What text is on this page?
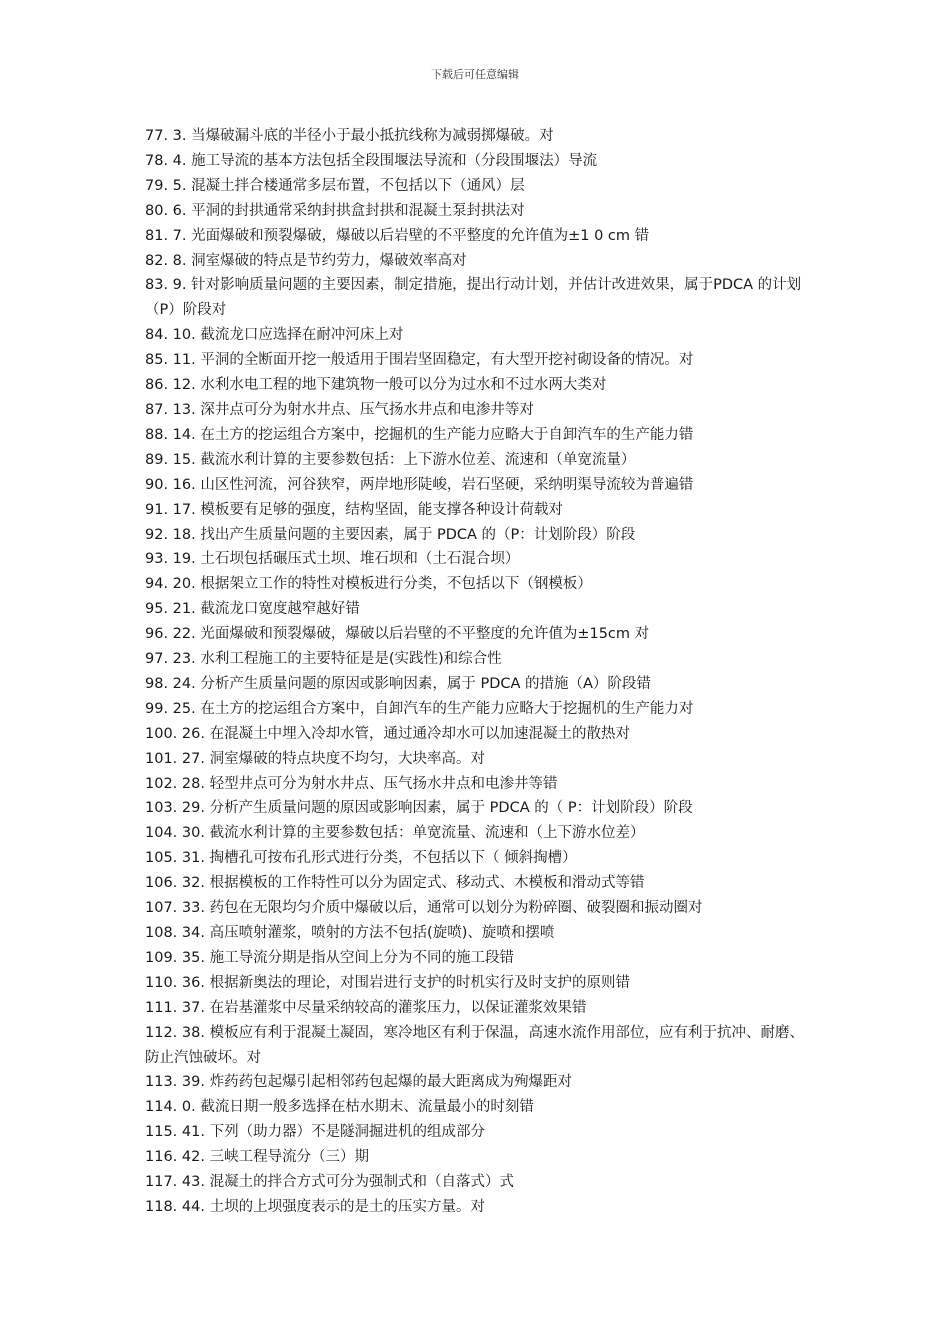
下载后可任意编辑
77. 3. 当爆破漏斗底的半径小于最小抵抗线称为减弱掷爆破。对
78. 4. 施工导流的基本方法包括全段围堰法导流和（分段围堰法）导流
79. 5. 混凝土拌合楼通常多层布置，不包括以下（通风）层
80. 6. 平洞的封拱通常采纳封拱盒封拱和混凝土泵封拱法对
81. 7. 光面爆破和预裂爆破，爆破以后岩壁的不平整度的允许值为±1 0 cm 错
82. 8. 洞室爆破的特点是节约劳力，爆破效率高对
83. 9. 针对影响质量问题的主要因素，制定措施，提出行动计划，并估计改进效果，属于PDCA 的计划（P）阶段对
84. 10. 截流龙口应选择在耐冲河床上对
85. 11. 平洞的全断面开挖一般适用于围岩坚固稳定，有大型开挖衬砌设备的情况。对
86. 12. 水利水电工程的地下建筑物一般可以分为过水和不过水两大类对
87. 13. 深井点可分为射水井点、压气扬水井点和电渗井等对
88. 14. 在土方的挖运组合方案中，挖掘机的生产能力应略大于自卸汽车的生产能力错
89. 15. 截流水利计算的主要参数包括：上下游水位差、流速和（单宽流量）
90. 16. 山区性河流，河谷狭窄，两岸地形陡峻，岩石坚硬，采纳明渠导流较为普遍错
91. 17. 模板要有足够的强度，结构坚固，能支撑各种设计荷载对
92. 18. 找出产生质量问题的主要因素，属于 PDCA 的（P：计划阶段）阶段
93. 19. 土石坝包括碾压式土坝、堆石坝和（土石混合坝）
94. 20. 根据架立工作的特性对模板进行分类，不包括以下（钢模板）
95. 21. 截流龙口宽度越窄越好错
96. 22. 光面爆破和预裂爆破，爆破以后岩壁的不平整度的允许值为±15cm 对
97. 23. 水利工程施工的主要特征是是(实践性)和综合性
98. 24. 分析产生质量问题的原因或影响因素，属于 PDCA 的措施（A）阶段错
99. 25. 在土方的挖运组合方案中，自卸汽车的生产能力应略大于挖掘机的生产能力对
100. 26. 在混凝土中埋入冷却水管，通过通冷却水可以加速混凝土的散热对
101. 27. 洞室爆破的特点块度不均匀，大块率高。对
102. 28. 轻型井点可分为射水井点、压气扬水井点和电渗井等错
103. 29. 分析产生质量问题的原因或影响因素，属于 PDCA 的（ P：计划阶段）阶段
104. 30. 截流水利计算的主要参数包括：单宽流量、流速和（上下游水位差）
105. 31. 掏槽孔可按布孔形式进行分类，不包括以下（ 倾斜掏槽）
106. 32. 根据模板的工作特性可以分为固定式、移动式、木模板和滑动式等错
107. 33. 药包在无限均匀介质中爆破以后，通常可以划分为粉碎圈、破裂圈和振动圈对
108. 34. 高压喷射灌浆，喷射的方法不包括(旋喷)、旋喷和摆喷
109. 35. 施工导流分期是指从空间上分为不同的施工段错
110. 36. 根据新奥法的理论，对围岩进行支护的时机实行及时支护的原则错
111. 37. 在岩基灌浆中尽量采纳较高的灌浆压力，以保证灌浆效果错
112. 38. 模板应有利于混凝土凝固，寒冷地区有利于保温，高速水流作用部位，应有利于抗冲、耐磨、防止汽蚀破坏。对
113. 39. 炸药药包起爆引起相邻药包起爆的最大距离成为殉爆距对
114. 0. 截流日期一般多选择在枯水期末、流量最小的时刻错
115. 41. 下列（助力器）不是隧洞掘进机的组成部分
116. 42. 三峡工程导流分（三）期
117. 43. 混凝土的拌合方式可分为强制式和（自落式）式
118. 44. 土坝的上坝强度表示的是土的压实方量。对
